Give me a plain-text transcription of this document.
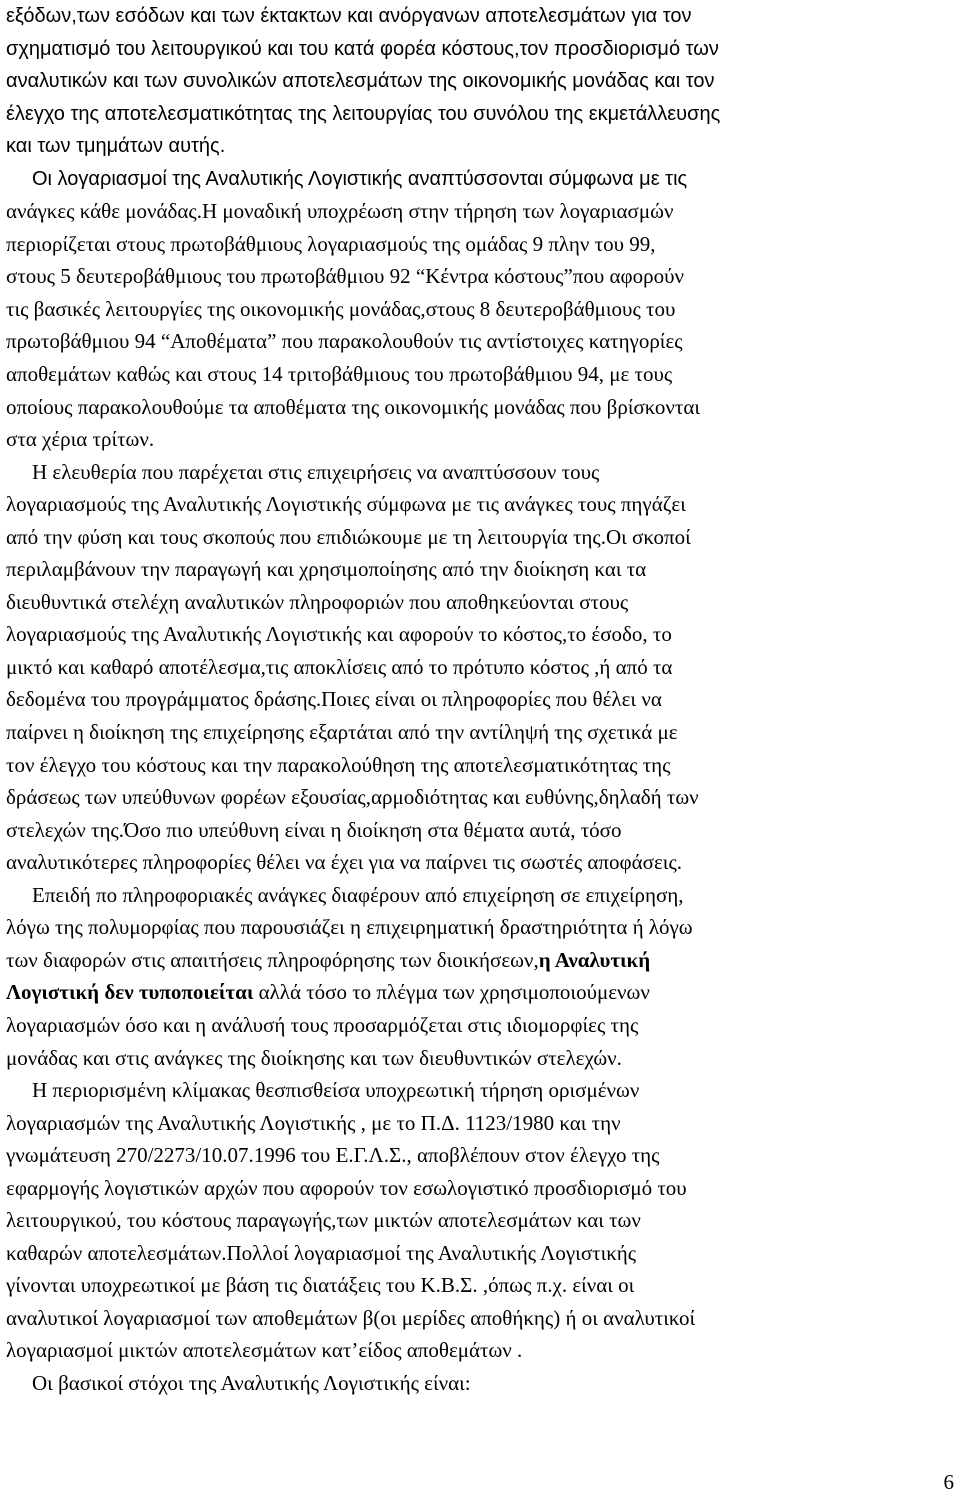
εξόδων,των εσόδων και των έκτακτων και ανόργανων αποτελεσμάτων για τον
σχηματισμό του λειτουργικού και του κατά φορέα κόστους,τον προσδιορισμό των
αναλυτικών και των συνολικών αποτελεσμάτων της οικονομικής μονάδας και τον
έλεγχο της αποτελεσματικότητας της λειτουργίας του συνόλου της εκμετάλλευσης
και των τμημάτων αυτής.
Οι λογαριασμοί της Αναλυτικής Λογιστικής αναπτύσσονται σύμφωνα με τις
ανάγκες κάθε μονάδας.Η μοναδική υποχρέωση στην τήρηση των λογαριασμών
περιορίζεται στους πρωτοβάθμιους λογαριασμούς της ομάδας 9 πλην του 99,
στους 5 δευτεροβάθμιους του πρωτοβάθμιου 92 “Κέντρα κόστους”που αφορούν
τις βασικές λειτουργίες της οικονομικής μονάδας,στους 8 δευτεροβάθμιους του
πρωτοβάθμιου 94 “Αποθέματα” που παρακολουθούν τις αντίστοιχες κατηγορίες
αποθεμάτων καθώς και στους 14 τριτοβάθμιους του πρωτοβάθμιου 94, με τους
οποίους παρακολουθούμε τα αποθέματα της οικονομικής μονάδας που βρίσκονται
στα χέρια τρίτων.
Η ελευθερία που παρέχεται στις επιχειρήσεις να αναπτύσσουν τους
λογαριασμούς της Αναλυτικής Λογιστικής σύμφωνα με τις ανάγκες τους πηγάζει
από την φύση και τους σκοπούς που επιδιώκουμε με τη λειτουργία της.Οι σκοποί
περιλαμβάνουν την παραγωγή και χρησιμοποίησης από την διοίκηση και τα
διευθυντικά στελέχη αναλυτικών πληροφοριών που αποθηκεύονται στους
λογαριασμούς της Αναλυτικής Λογιστικής και αφορούν το κόστος,το έσοδο, το
μικτό και καθαρό αποτέλεσμα,τις αποκλίσεις από το πρότυπο κόστος ,ή από τα
δεδομένα του προγράμματος δράσης.Ποιες είναι οι πληροφορίες που θέλει να
παίρνει η διοίκηση της επιχείρησης εξαρτάται από την αντίληψή της σχετικά με
τον έλεγχο του κόστους και την παρακολούθηση της αποτελεσματικότητας της
δράσεως των υπεύθυνων φορέων εξουσίας,αρμοδιότητας και ευθύνης,δηλαδή των
στελεχών της.Όσο πιο υπεύθυνη είναι η διοίκηση στα θέματα αυτά, τόσο
αναλυτικότερες πληροφορίες θέλει να έχει για να παίρνει τις σωστές αποφάσεις.
Επειδή πο πληροφοριακές ανάγκες διαφέρουν από επιχείρηση σε επιχείρηση,
λόγω της πολυμορφίας που παρουσιάζει η επιχειρηματική δραστηριότητα ή λόγω
των διαφορών στις απαιτήσεις πληροφόρησης των διοικήσεων,η Αναλυτική
Λογιστική δεν τυποποιείται αλλά τόσο το πλέγμα των χρησιμοποιούμενων
λογαριασμών όσο και η ανάλυσή τους προσαρμόζεται στις ιδιομορφίες της
μονάδας και στις ανάγκες της διοίκησης και των διευθυντικών στελεχών.
Η περιορισμένη κλίμακας θεσπισθείσα υποχρεωτική τήρηση ορισμένων
λογαριασμών της Αναλυτικής Λογιστικής , με το Π.Δ. 1123/1980 και την
γνωμάτευση 270/2273/10.07.1996 του Ε.Γ.Λ.Σ., αποβλέπουν στον έλεγχο της
εφαρμογής λογιστικών αρχών που αφορούν τον εσωλογιστικό προσδιορισμό του
λειτουργικού, του κόστους παραγωγής,των μικτών αποτελεσμάτων και των
καθαρών αποτελεσμάτων.Πολλοί λογαριασμοί της Αναλυτικής Λογιστικής
γίνονται υποχρεωτικοί με βάση τις διατάξεις του Κ.Β.Σ. ,όπως π.χ. είναι οι
αναλυτικοί λογαριασμοί των αποθεμάτων β(οι μερίδες αποθήκης) ή οι αναλυτικοί
λογαριασμοί μικτών αποτελεσμάτων κατ’είδος αποθεμάτων .
Οι βασικοί στόχοι της Αναλυτικής Λογιστικής είναι:
6
